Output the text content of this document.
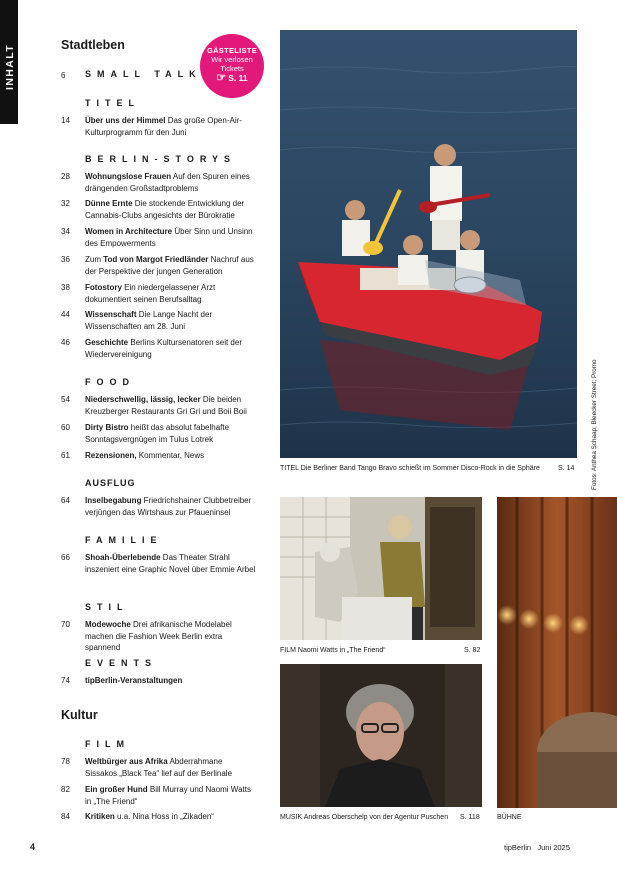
INHALT	Stadtleben
Kultur
GÄSTELISTE
Wir verlosen
Tickets
☞ S. 11
6	SMALL TALK
TITEL
14	Über uns der Himmel Das große Open-Air-Kulturprogramm für den Juni
BERLIN-STORYS
28	Wohnungslose Frauen Auf den Spuren eines drängenden Großstadtproblems
32	Dünne Ernte Die stockende Entwicklung der Cannabis-Clubs angesichts der Bürokratie
34	Women in Architecture Über Sinn und Unsinn des Empowerments
36	Zum Tod von Margot Friedländer Nachruf aus der Perspektive der jungen Generation
38	Fotostory Ein niedergelassener Arzt dokumentiert seinen Berufsalltag
44	Wissenschaft Die Lange Nacht der Wissenschaften am 28. Juni
46	Geschichte Berlins Kultursenatoren seit der Wiedervereinigung
FOOD
54	Niederschwellig, lässig, lecker Die beiden Kreuzberger Restaurants Gri Gri und Boii Boii
60	Dirty Bistro heißt das absolut fabelhafte Sonntagsvergnügen im Tulus Lotrek
61	Rezensionen, Kommentar, News
AUSFLUG
64	Inselbegabung Friedrichshainer Clubbetreiber verjüngen das Wirtshaus zur Pfaueninsel
FAMILIE
66	Shoah-Überlebende Das Theater Strahl inszeniert eine Graphic Novel über Emmie Arbel
STIL
70	Modewoche Drei afrikanische Modelabel machen die Fashion Week Berlin extra spannend
EVENTS
74	tipBerlin-Veranstaltungen
FILM
78	Weltbürger aus Afrika Abderrahmane Sissakos „Black Tea“ lief auf der Berlinale
82	Ein großer Hund Bill Murray und Naomi Watts in „The Friend“
84	Kritiken u.a. Nina Hoss in „Zikaden“
TITEL Die Berliner Band Tango Bravo schießt im Sommer Disco-Rock in die Sphäre	S. 14	Fotos: Anthea Schaap; Bleecker Street; Promo
FILM Naomi Watts in „The Friend“	S. 82
BÜHNE
MUSIK Andreas Oberschelp von der Agentur Puschen S. 118
4	tipBerlin   Juni 2025
